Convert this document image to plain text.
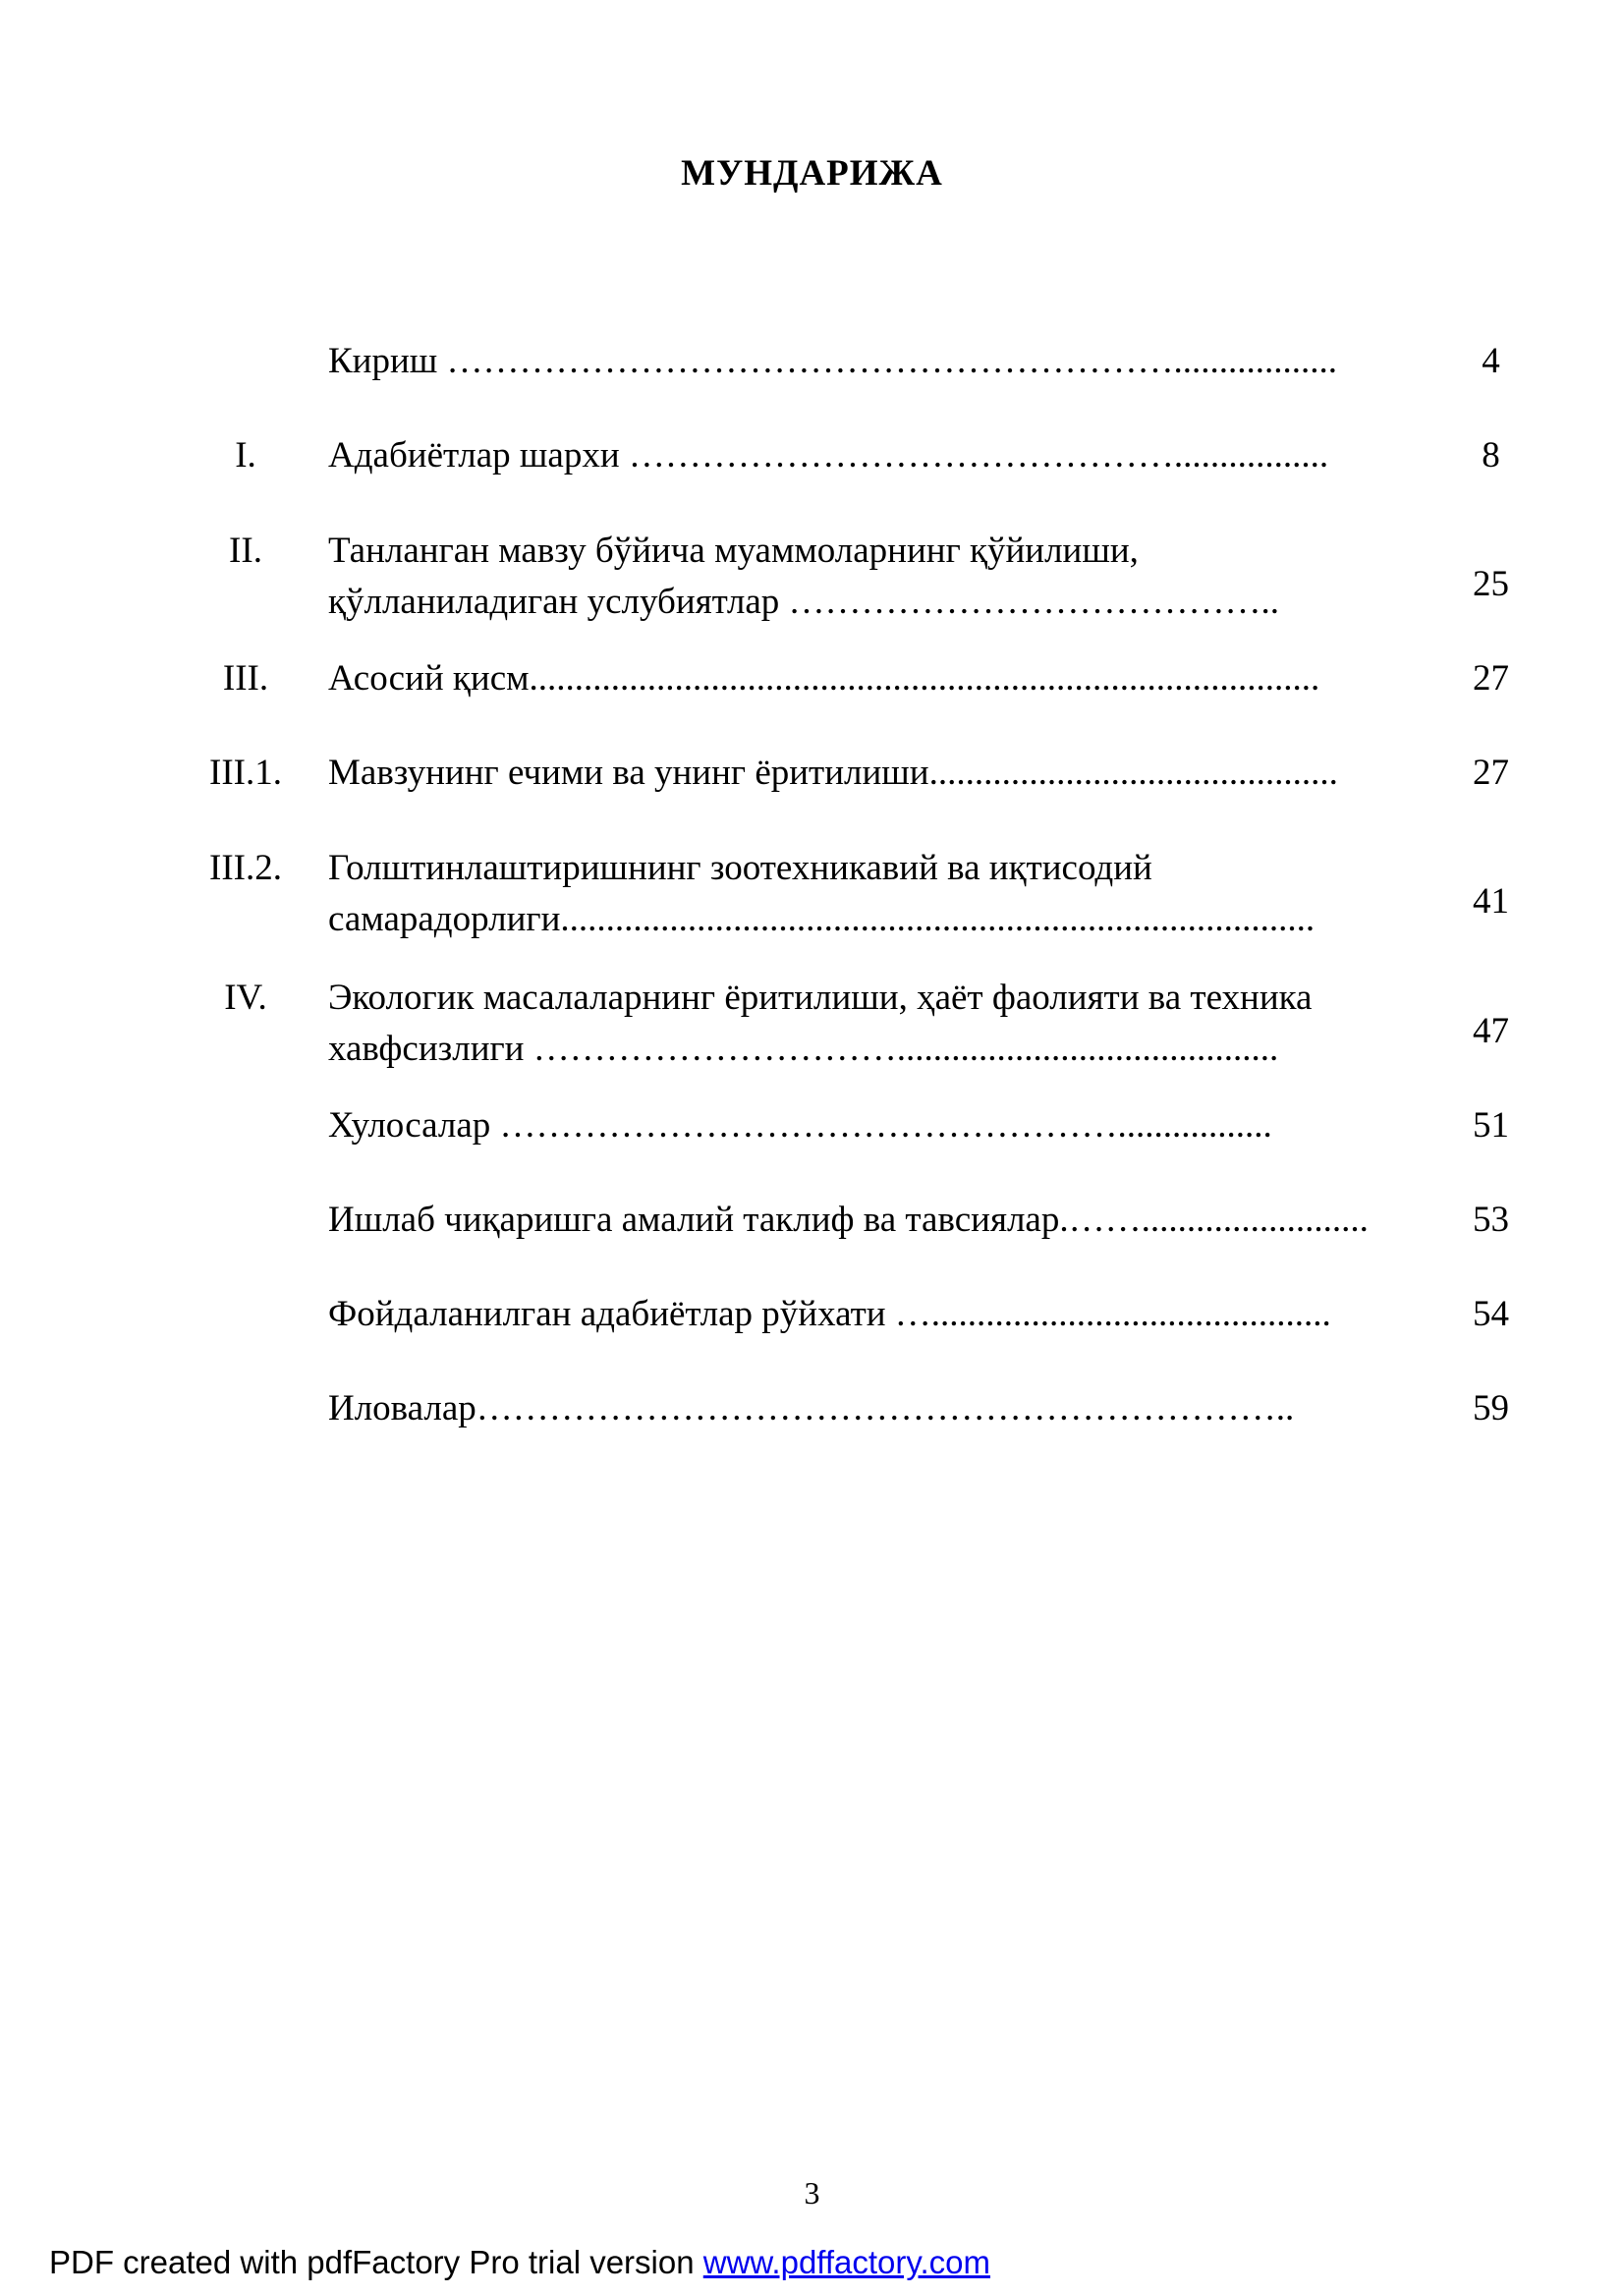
МУНДАРИЖА
Кириш ……………………………………………………..................	4
I.	Адабиётлар шархи ……………………………………….................	8
II.	Танланган мавзу бўйича муаммоларнинг қўйилиши,
қўлланиладиган услубиятлар …………………………………..	25
III.	Асосий қисм.......................................................................................	27
III.1.	Мавзунинг ечими ва унинг ёритилиши.............................................	27
III.2.	Голштинлаштиришнинг зоотехникавий ва иқтисодий
самарадорлиги...................................................................................	41
IV.	Экологик масалаларнинг ёритилиши, ҳаёт фаолияти ва техника
хавфсизлиги …………………………..........................................	47
Хулосалар …………………………………………….................	51
Ишлаб чиқаришга амалий таклиф ва тавсиялар.…….........................	53
Фойдаланилган адабиётлар рўйхати …............................................	54
Иловалар…………………………………………………………..	59
3
PDF created with pdfFactory Pro trial version www.pdffactory.com
